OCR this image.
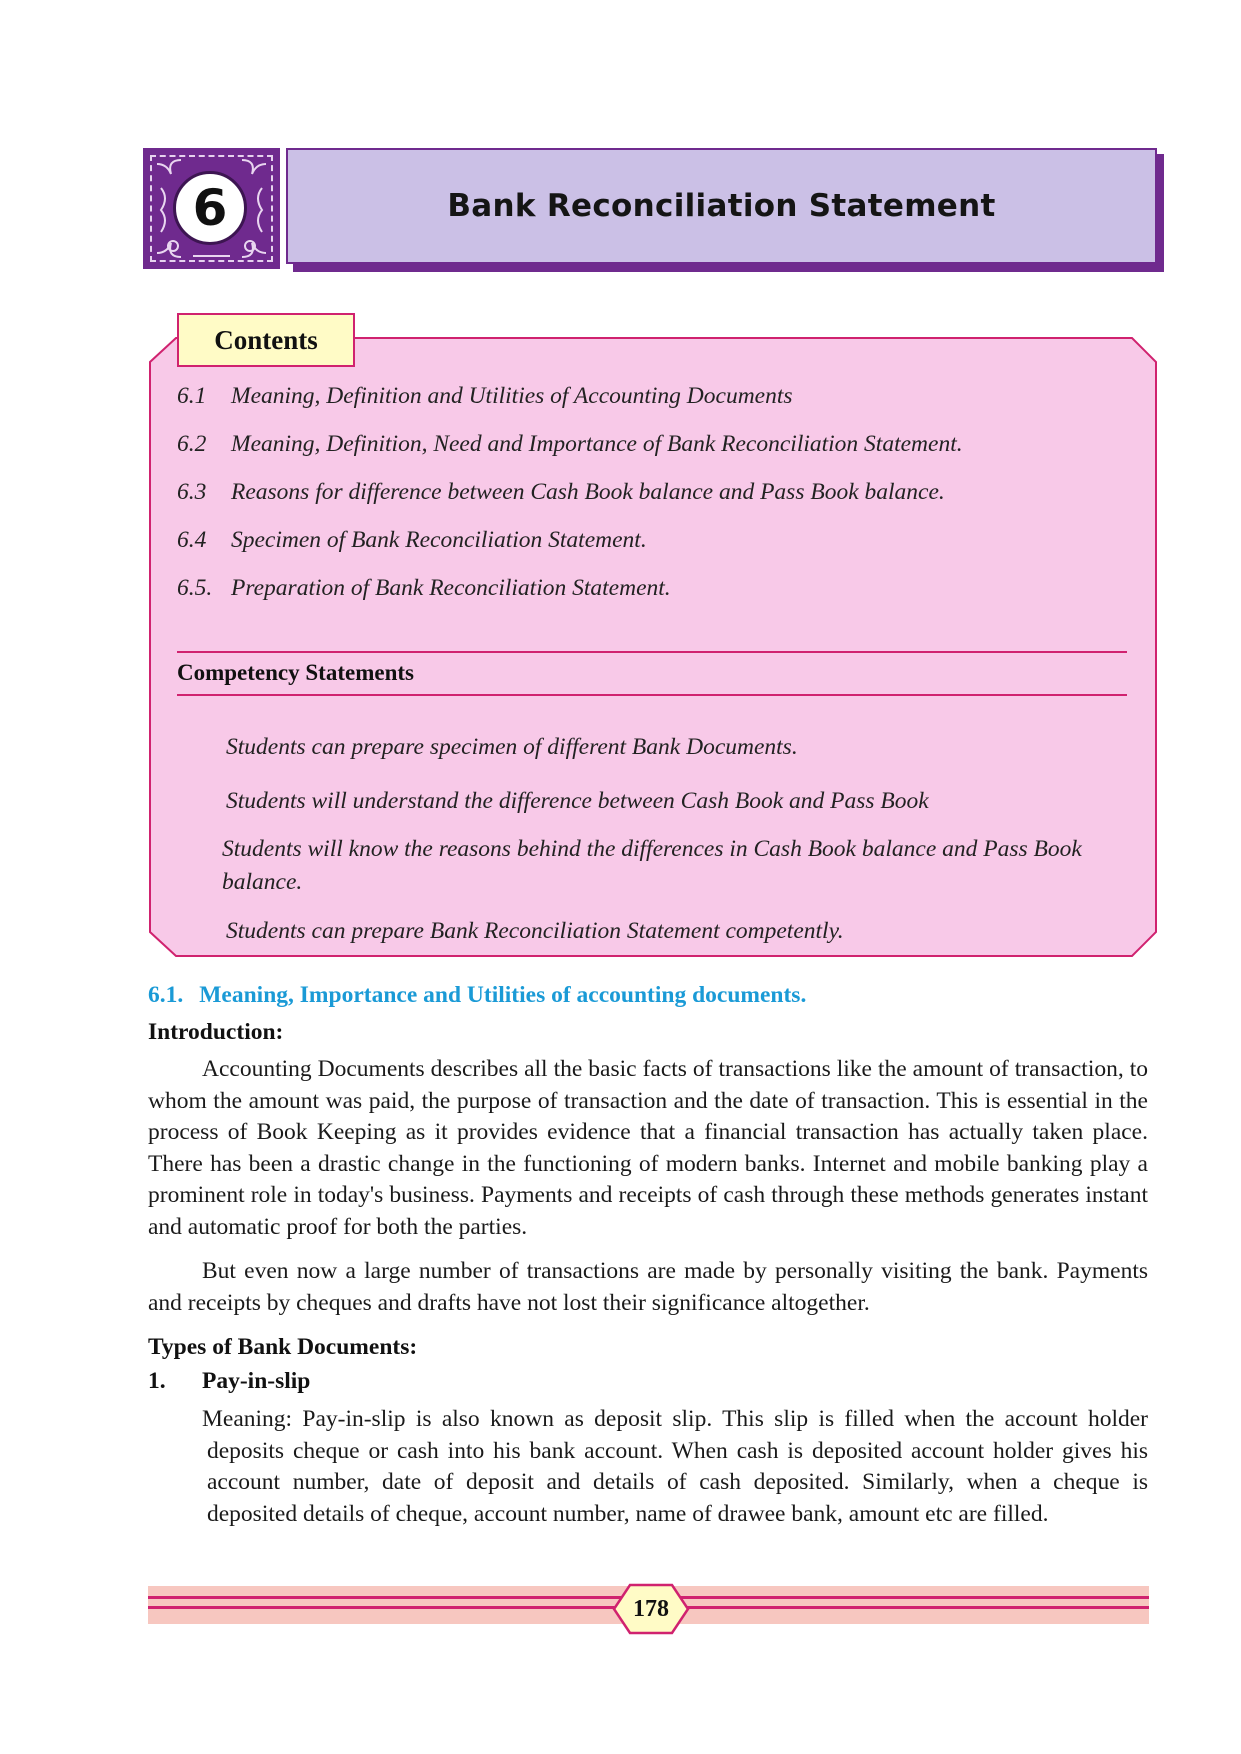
6	Bank Reconciliation Statement
Contents
6.1 Meaning, Definition and Utilities of Accounting Documents
6.2 Meaning, Definition, Need and Importance of Bank Reconciliation Statement.
6.3 Reasons for difference between Cash Book balance and Pass Book balance.
6.4 Specimen of Bank Reconciliation Statement.
6.5. Preparation of Bank Reconciliation Statement.
Competency Statements
Students can prepare specimen of different Bank Documents.
Students will understand the difference between Cash Book and Pass Book
Students will know the reasons behind the differences in Cash Book balance and Pass Book balance.
Students can prepare Bank Reconciliation Statement competently.
6.1. Meaning, Importance and Utilities of accounting documents.
Introduction:
Accounting Documents describes all the basic facts of transactions like the amount of transaction, to whom the amount was paid, the purpose of transaction and the date of transaction. This is essential in the process of Book Keeping as it provides evidence that a financial transaction has actually taken place. There has been a drastic change in the functioning of modern banks. Internet and mobile banking play a prominent role in today's business. Payments and receipts of cash through these methods generates instant and automatic proof for both the parties.
But even now a large number of transactions are made by personally visiting the bank. Payments and receipts by cheques and drafts have not lost their significance altogether.
Types of Bank Documents:
1. Pay-in-slip
Meaning: Pay-in-slip is also known as deposit slip. This slip is filled when the account holder deposits cheque or cash into his bank account. When cash is deposited account holder gives his account number, date of deposit and details of cash deposited. Similarly, when a cheque is deposited details of cheque, account number, name of drawee bank, amount etc are filled.
178
